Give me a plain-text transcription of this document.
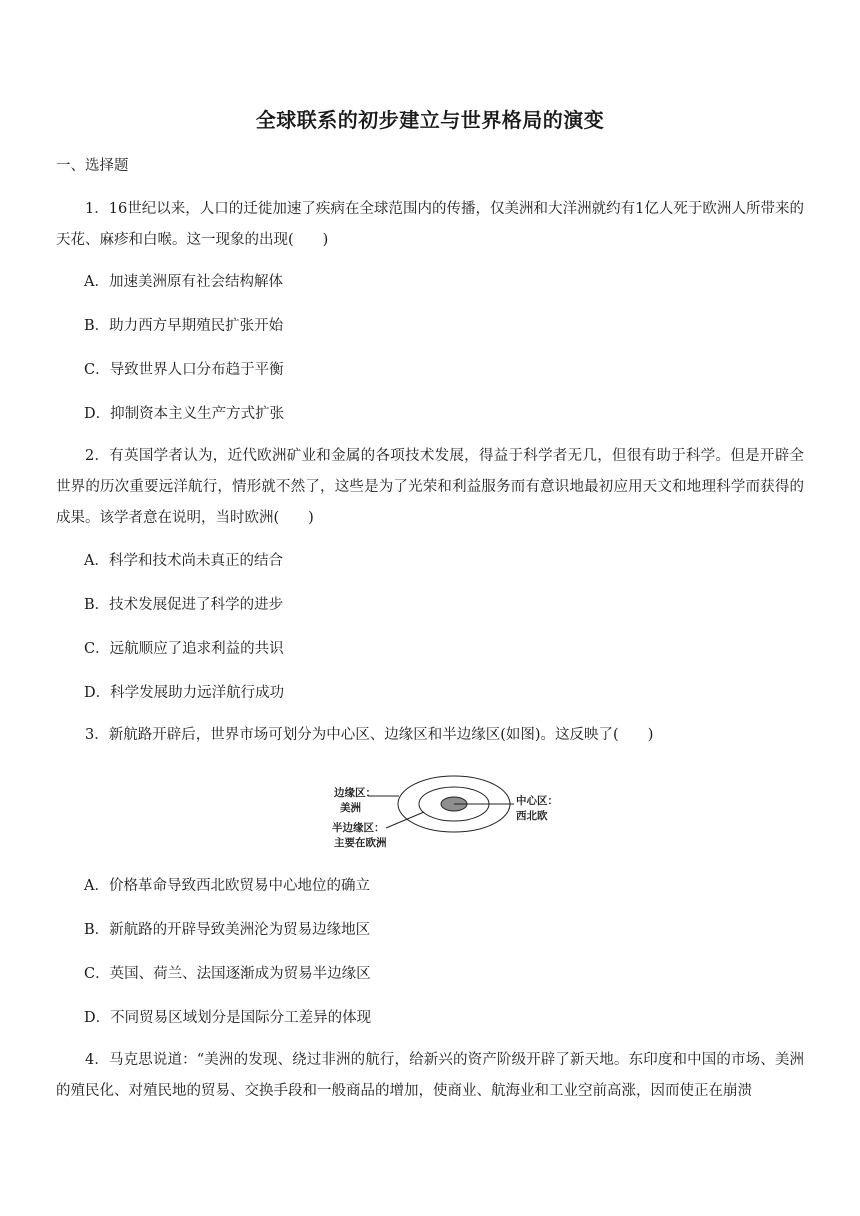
全球联系的初步建立与世界格局的演变
一、选择题
1．16世纪以来，人口的迁徙加速了疾病在全球范围内的传播，仅美洲和大洋洲就约有1亿人死于欧洲人所带来的天花、麻疹和白喉。这一现象的出现(　　)
A．加速美洲原有社会结构解体
B．助力西方早期殖民扩张开始
C．导致世界人口分布趋于平衡
D．抑制资本主义生产方式扩张
2．有英国学者认为，近代欧洲矿业和金属的各项技术发展，得益于科学者无几，但很有助于科学。但是开辟全世界的历次重要远洋航行，情形就不然了，这些是为了光荣和利益服务而有意识地最初应用天文和地理科学而获得的成果。该学者意在说明，当时欧洲(　　)
A．科学和技术尚未真正的结合
B．技术发展促进了科学的进步
C．远航顺应了追求利益的共识
D．科学发展助力远洋航行成功
3．新航路开辟后，世界市场可划分为中心区、边缘区和半边缘区(如图)。这反映了(　　)
边缘区：
美洲
中心区：
西北欧
半边缘区：
主要在欧洲
A．价格革命导致西北欧贸易中心地位的确立
B．新航路的开辟导致美洲沦为贸易边缘地区
C．英国、荷兰、法国逐渐成为贸易半边缘区
D．不同贸易区域划分是国际分工差异的体现
4．马克思说道：“美洲的发现、绕过非洲的航行，给新兴的资产阶级开辟了新天地。东印度和中国的市场、美洲的殖民化、对殖民地的贸易、交换手段和一般商品的增加，使商业、航海业和工业空前高涨，因而使正在崩溃
